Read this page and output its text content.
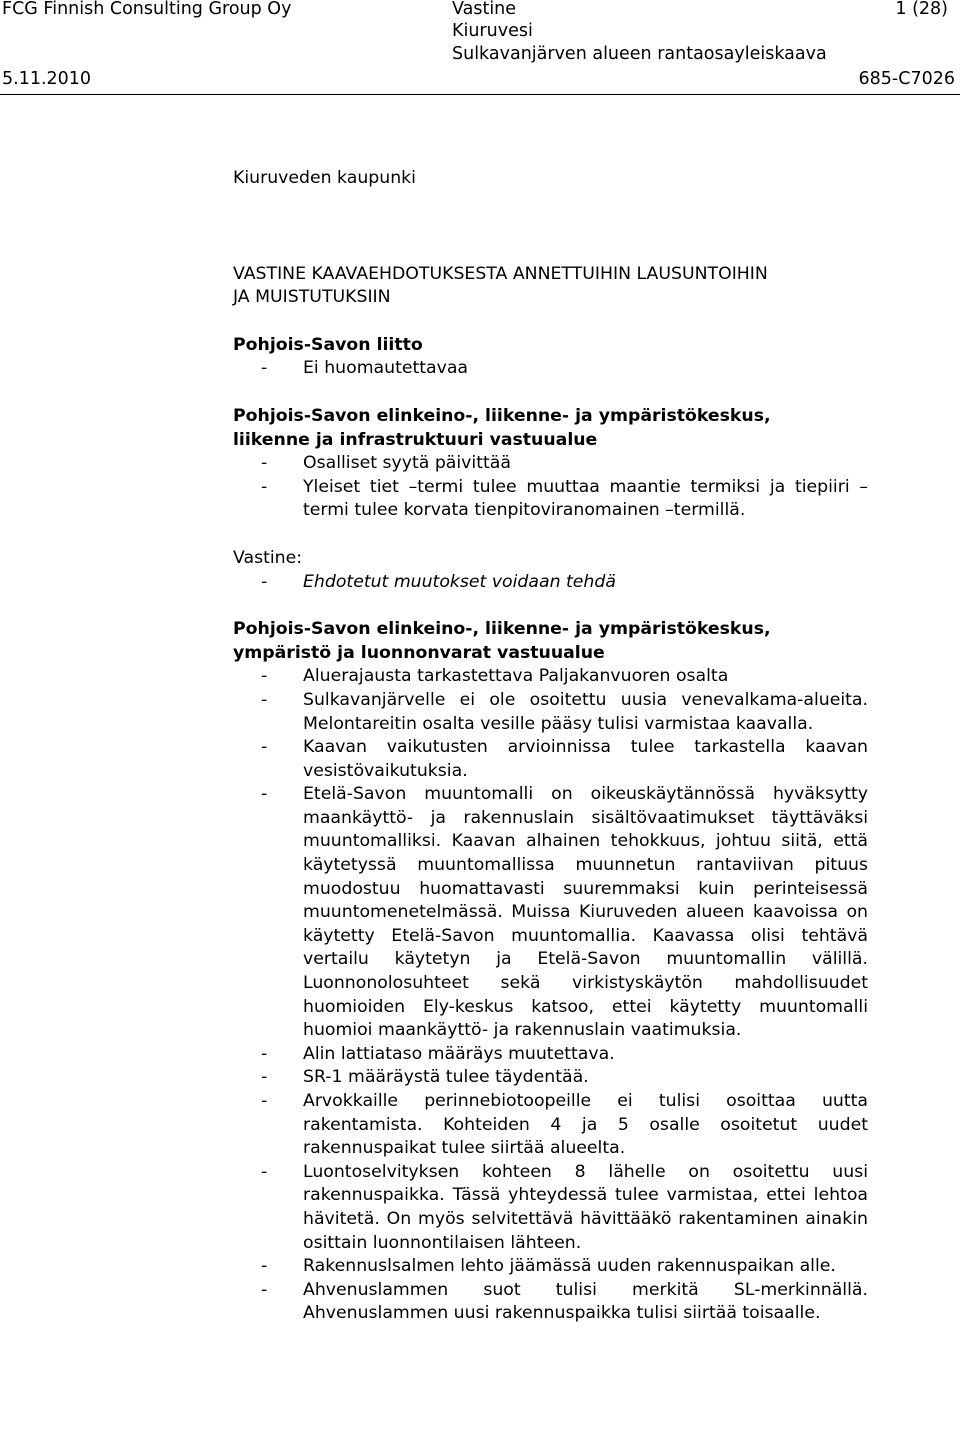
FCG Finnish Consulting Group Oy
5.11.2010
Vastine
Kiuruvesi
Sulkavanjärven alueen rantaosayleiskaava
1 (28)
685-C7026

Kiuruveden kaupunki

VASTINE KAAVAEHDOTUKSESTA ANNETTUIHIN LAUSUNTOIHIN

JA MUISTUTUKSIIN

Pohjois-Savon liitto

- Ei huomautettavaa

Pohjois-Savon elinkeino-, liikenne- ja ympäristökeskus,

liikenne ja infrastruktuuri vastuualue

- Osalliset syytä päivittää
- Yleiset tiet –termi tulee muuttaa maantie termiksi ja tiepiiri –termi tulee korvata tienpitoviranomainen –termillä.

Vastine:

- Ehdotetut muutokset voidaan tehdä

Pohjois-Savon elinkeino-, liikenne- ja ympäristökeskus,

ympäristö ja luonnonvarat vastuualue

- Aluerajausta tarkastettava Paljakanvuoren osalta
- Sulkavanjärvelle ei ole osoitettu uusia venevalkama-alueita. Melontareitin osalta vesille pääsy tulisi varmistaa kaavalla.
- Kaavan vaikutusten arvioinnissa tulee tarkastella kaavan vesistövaikutuksia.
- Etelä-Savon muuntomalli on oikeuskäytännössä hyväksytty maankäyttö- ja rakennuslain sisältövaatimukset täyttäväksi muuntomalliksi. Kaavan alhainen tehokkuus, johtuu siitä, että käytetyssä muuntomallissa muunnetun rantaviivan pituus muodostuu huomattavasti suuremmaksi kuin perinteisessä muuntomenetelmässä. Muissa Kiuruveden alueen kaavoissa on käytetty Etelä-Savon muuntomallia. Kaavassa olisi tehtävä vertailu käytetyn ja Etelä-Savon muuntomallin välillä. Luonnonolosuhteet sekä virkistyskäytön mahdollisuudet huomioiden Ely-keskus katsoo, ettei käytetty muuntomalli huomioi maankäyttö- ja rakennuslain vaatimuksia.
- Alin lattiataso määräys muutettava.
- SR-1 määräystä tulee täydentää.
- Arvokkaille perinnebiotoopeille ei tulisi osoittaa uutta rakentamista. Kohteiden 4 ja 5 osalle osoitetut uudet rakennuspaikat tulee siirtää alueelta.
- Luontoselvityksen kohteen 8 lähelle on osoitettu uusi rakennuspaikka. Tässä yhteydessä tulee varmistaa, ettei lehtoa hävitetä. On myös selvitettävä hävittääkö rakentaminen ainakin osittain luonnontilaisen lähteen.
- Rakennuslsalmen lehto jäämässä uuden rakennuspaikan alle.
- Ahvenuslammen suot tulisi merkitä SL-merkinnällä. Ahvenuslammen uusi rakennuspaikka tulisi siirtää toisaalle.
